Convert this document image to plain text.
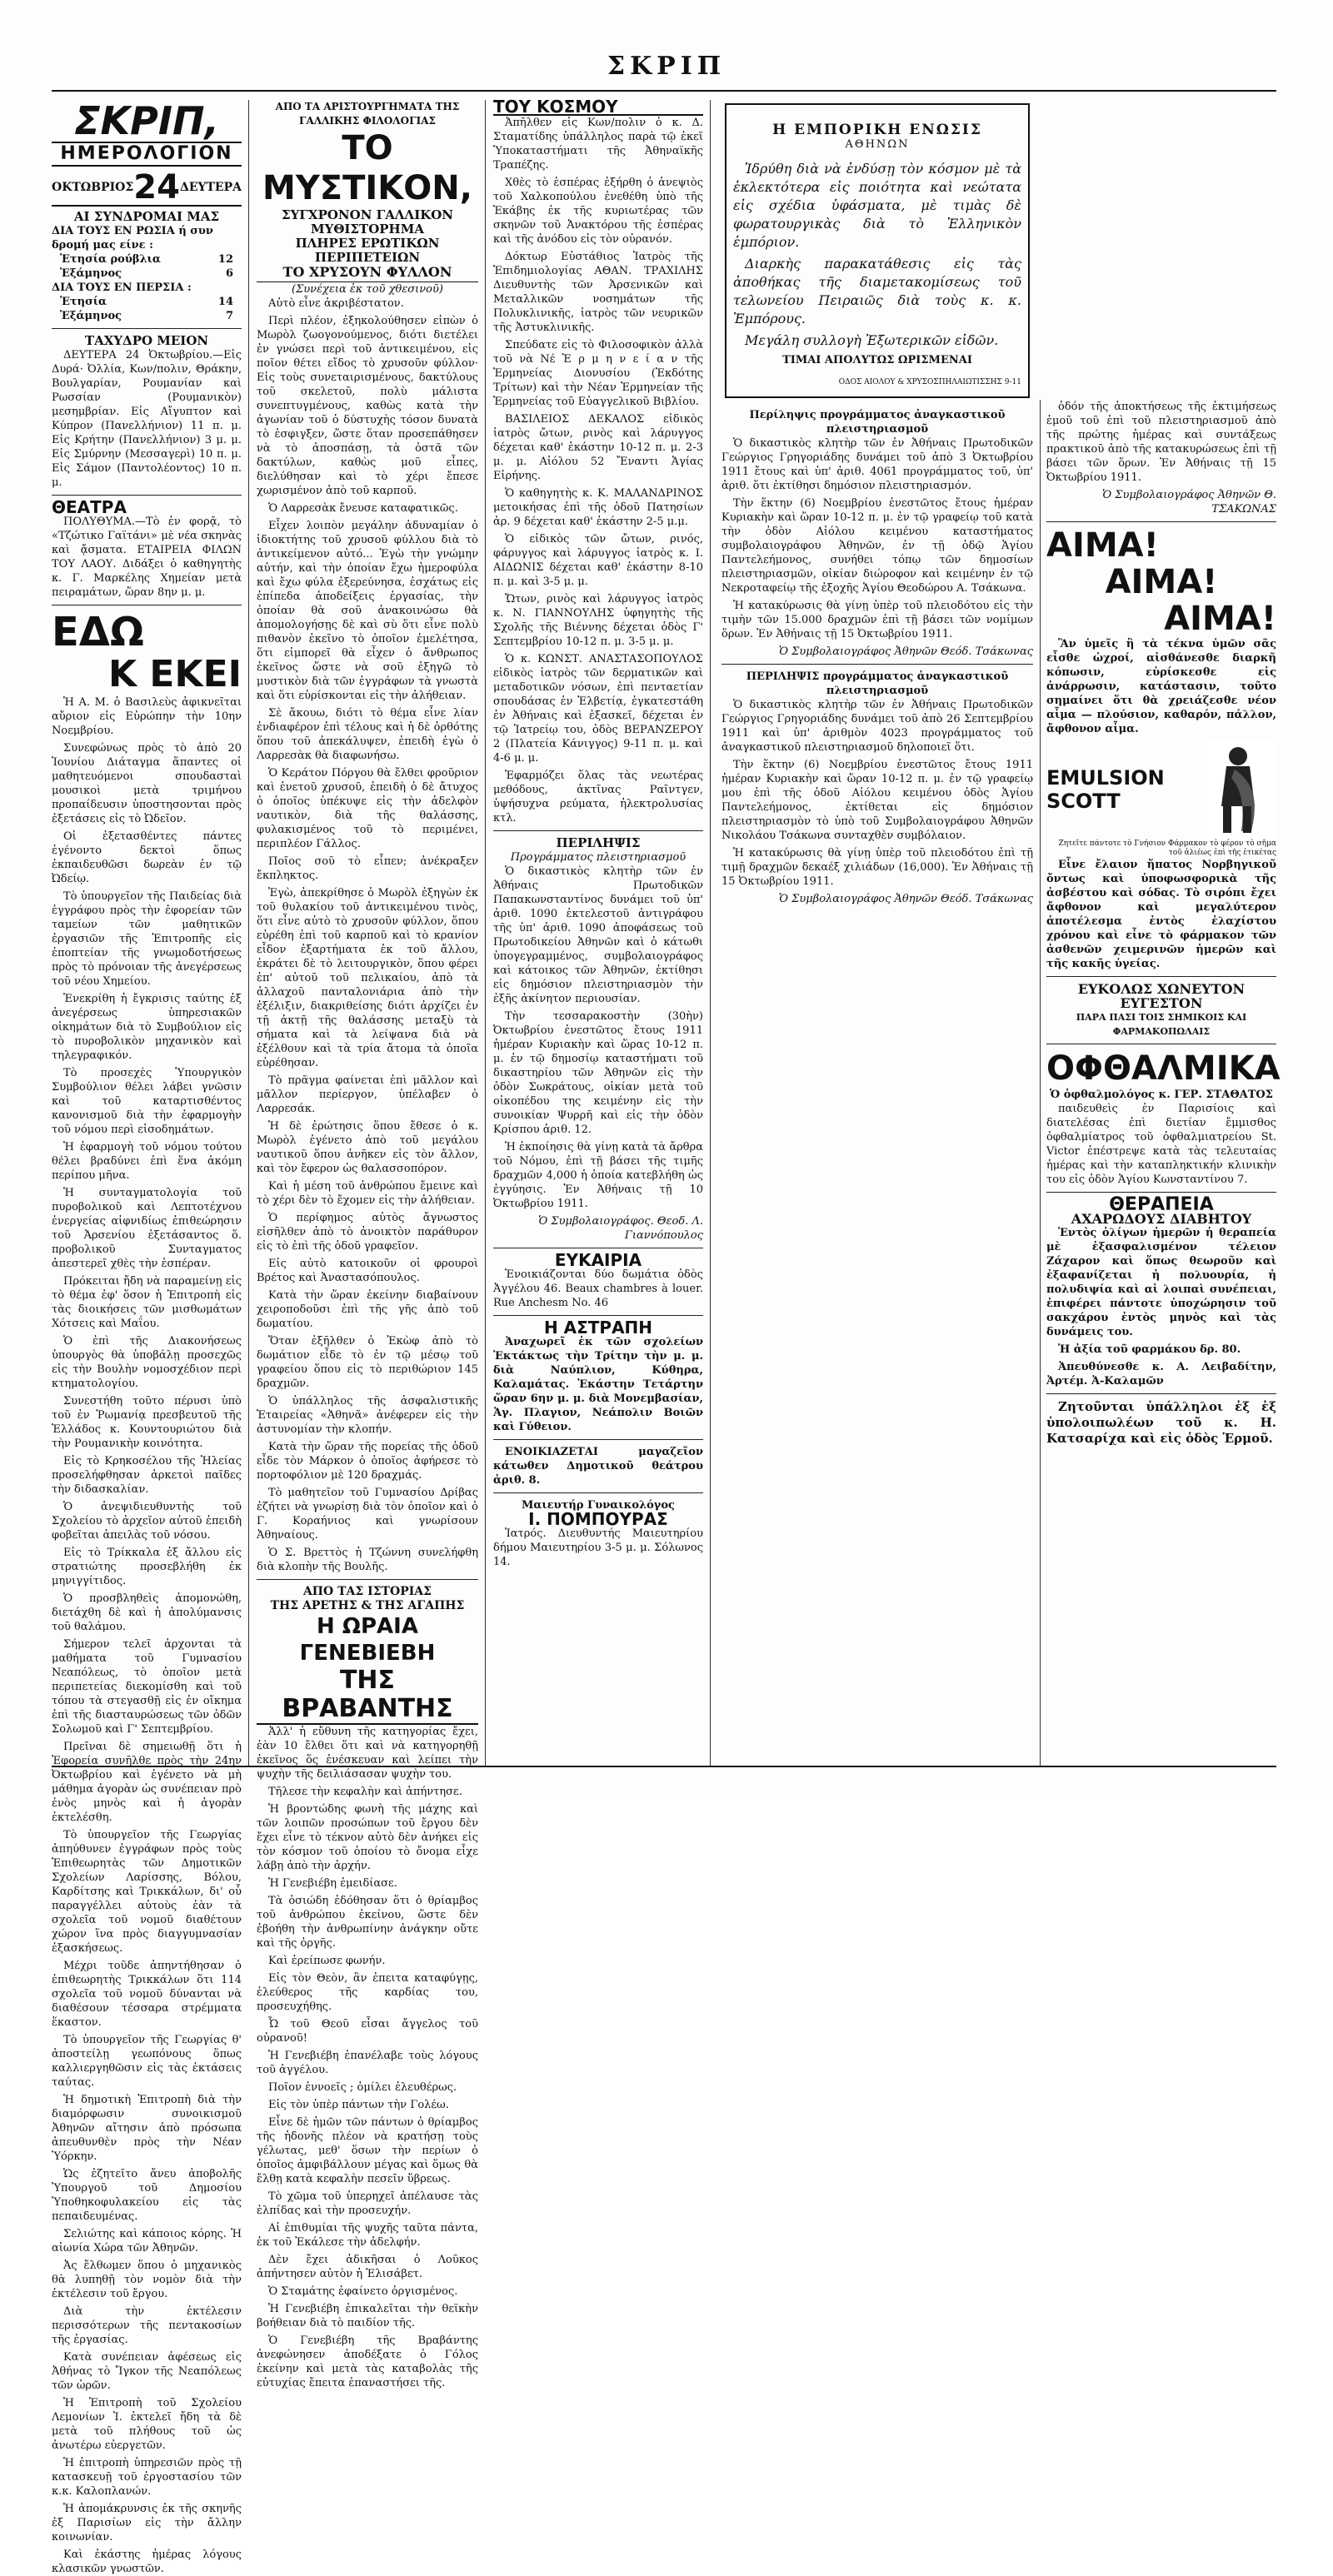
ΣΚΡΙΠ
ΣΚΡΙΠ,
ΗΜΕΡΟΛΟΓΙΟΝ
ΟΚΤΩΒΡΙΟΣ 24 ΔΕΥΤΕΡΑ
ΑΙ ΣΥΝΔΡΟΜΑΙ ΜΑΣ
ΔΙΑ ΤΟΥΣ ΕΝ ΡΩΣΙΑ ή συν
δρομή μας είνε :
Ἐτησία ρούβλια	12
Ἑξάμηνος	6
ΔΙΑ ΤΟΥΣ ΕΝ ΠΕΡΣΙΑ :
Ἐτησία	14
Ἑξάμηνος	7
ΤΑΧΥΔΡΟ ΜΕΙΟΝ

ΔΕΥΤΕΡΑ 24 Ὀκτωβρίου.—Εἰς Δυρά· Ὀλλία, Κων/πολιν, Θράκην, Βουλγαρίαν, Ρουμανίαν καὶ Ρωσσίαν (Ρουμανικὸν) μεσημβρίαν. Εἰς Αἴγυπτον καὶ Κύπρον (Πανελλήνιον) 11 π. μ. Εἰς Κρήτην (Πανελλήνιον) 3 μ. μ. Εἰς Σμύρνην (Μεσσαγερὶ) 10 π. μ. Εἰς Σάμον (Παντολέοντος) 10 π. μ.

ΘΕΑΤΡΑ

ΠΟΛΥΘΥΜΑ.—Τὸ ἐν φορᾷ, τὸ «Τζώτικο Γαϊτάνι» μὲ νέα σκηνὰς καὶ ᾄσματα. ΕΤΑΙΡΕΙΑ ΦΙΛΩΝ ΤΟΥ ΛΑΟΥ. Διδάξει ὁ καθηγητὴς κ. Γ. Μαρκέλης Χημείαν μετὰ πειραμάτων, ὥραν 8ην μ. μ.

ΕΔΩ
Κ ΕΚΕΙ

Ἡ Α. Μ. ὁ Βασιλεὺς ἀφικνεῖται αὔριον εἰς Εὐρώπην τὴν 10ην Νοεμβρίου.

Συνεφώνως πρὸς τὸ ἀπὸ 20 Ἰουνίου Διάταγμα ἅπαντες οἱ μαθητευόμενοι σπουδασταὶ μουσικοὶ μετὰ τριμήνου προπαίδευσιν ὑποστησονται πρὸς ἐξετάσεις εἰς τὸ Ὠδεῖον.

Οἱ ἐξετασθέντες πάντες ἐγένοντο δεκτοὶ ὅπως ἐκπαιδευθῶσι δωρεὰν ἐν τῷ Ὠδείῳ.

Τὸ ὑπουργεῖον τῆς Παιδείας διὰ ἐγγράφου πρὸς τὴν ἐφορείαν τῶν ταμείων τῶν μαθητικῶν ἐργασιῶν τῆς Ἐπιτροπῆς εἰς ἐποπτείαν τῆς γνωμοδοτήσεως πρὸς τὸ πρόνοιαν τῆς ἀνεγέρσεως τοῦ νέου Χημείου.

Ἐνεκρίθη ἡ ἔγκρισις ταύτης ἐξ ἀνεγέρσεως ὑπηρεσιακῶν οἰκημάτων διὰ τὸ Συμβούλιον εἰς τὸ πυροβολικὸν μηχανικὸν καὶ τηλεγραφικόν.

Τὸ προσεχὲς Ὑπουργικὸν Συμβούλιον θέλει λάβει γνῶσιν καὶ τοῦ καταρτισθέντος κανονισμοῦ διὰ τὴν ἐφαρμογὴν τοῦ νόμου περὶ εἰσοδημάτων.

Ἡ ἐφαρμογὴ τοῦ νόμου τούτου θέλει βραδύνει ἐπὶ ἕνα ἀκόμη περίπου μῆνα.

Ἡ συνταγματολογία τοῦ πυροβολικοῦ καὶ Λεπτοτέχνου ἐνεργείας αἰφνιδίως ἐπιθεώρησιν τοῦ Ἀρσενίου ἐξετάσαντος ὅ. προβολικοῦ Συνταγματος ἀπεστερεῖ χθὲς τὴν ἑσπέραν.

Πρόκειται ἤδη νὰ παραμείνῃ εἰς τὸ θέμα ἐφ' ὅσον ἡ Ἐπιτροπὴ εἰς τὰς διοικήσεις τῶν μισθωμάτων Χότσεις καὶ Μαΐου.

Ὁ ἐπὶ τῆς Διακονήσεως ὑπουργὸς θὰ ὑποβάλῃ προσεχῶς εἰς τὴν Βουλὴν νομοσχέδιον περὶ κτηματολογίου.

Συνεστήθη τοῦτο πέρυσι ὑπὸ τοῦ ἐν Ῥωμανίᾳ πρεσβευτοῦ τῆς Ἑλλάδος κ. Κουντουριώτου διὰ τὴν Ρουμανικὴν κοινότητα.

Εἰς τὸ Κρηκοσέλου τῆς Ἠλείας προσελήφθησαν ἀρκετοὶ παῖδες τὴν διδασκαλίαν.

Ὁ ἀνεψιδιευθυντὴς τοῦ Σχολείου τὸ ἀρχεῖον αὐτοῦ ἐπειδὴ φοβεῖται ἀπειλὰς τοῦ νόσου.

Εἰς τὸ Τρίκκαλα ἐξ ἄλλου εἰς στρατιώτης προσεβλήθη ἐκ μηνιγγίτιδος.

Ὁ προσβληθεὶς ἀπομονώθη, διετάχθη δὲ καὶ ἡ ἀπολύμανσις τοῦ θαλάμου.

Σήμερον τελεῖ ἀρχονται τὰ μαθήματα τοῦ Γυμνασίου Νεαπόλεως, τὸ ὁποῖον μετὰ περιπετείας διεκομίσθη καὶ τοῦ τόπου τὰ στεγασθῇ εἰς ἐν οἴκημα ἐπὶ τῆς διασταυρώσεως τῶν ὁδῶν Σολωμοῦ καὶ Γ' Σεπτεμβρίου.

Πρεῖναι δὲ σημειωθῇ ὅτι ἡ Ἐφορεία συνῆλθε πρὸς τὴν 24ην Ὀκτωβρίου καὶ ἐγένετο νὰ μὴ μάθημα ἀγορὰν ὡς συνέπειαν πρὸ ἐνὸς μηνὸς καὶ ἡ ἀγορὰν ἐκτελέσθη.

Τὸ ὑπουργεῖον τῆς Γεωργίας ἀπηύθυνεν ἐγγράφων πρὸς τοὺς Ἐπιθεωρητὰς τῶν Δημοτικῶν Σχολείων Λαρίσσης, Βόλου, Καρδίτσης καὶ Τρικκάλων, δι' οὗ παραγγέλλει αὐτοὺς ἐὰν τὰ σχολεῖα τοῦ νομοῦ διαθέτουν χώρον ἵνα πρὸς διαγγυμνασίαν ἐξασκήσεως.

Μέχρι τοῦδε ἀπηντήθησαν ὁ ἐπιθεωρητὴς Τρικκάλων ὅτι 114 σχολεῖα τοῦ νομοῦ δύνανται νὰ διαθέσουν τέσσαρα στρέμματα ἕκαστον.

Τὸ ὑπουργεῖον τῆς Γεωργίας θ' ἀποστείλῃ γεωπόνους ὅπως καλλιεργηθῶσιν εἰς τὰς ἐκτάσεις ταύτας.

Ἡ δημοτικὴ Ἐπιτροπὴ διὰ τὴν διαμόρφωσιν συνοικισμοῦ Ἀθηνῶν αἴτησιν ἀπὸ πρόσωπα ἀπευθυνθὲν πρὸς τὴν Νέαν Ὑόρκην.

Ὡς ἐζητεῖτο ἄνευ ἀποβολῆς Ὑπουργοῦ τοῦ Δημοσίου Ὑποθηκοφυλακείου εἰς τὰς πεπαιδευμένας.

Σελιώτης καὶ κάποιος κόρης. Ἡ αἰωνία Χώρα τῶν Ἀθηνῶν.

Ἀς ἔλθωμεν ὅπου ὁ μηχανικὸς θὰ λυπηθῇ τὸν νομὸν διὰ τὴν ἐκτέλεσιν τοῦ ἔργου.

Διὰ τὴν ἐκτέλεσιν περισσότερων τῆς πεντακοσίων τῆς ἐργασίας.

Κατὰ συνέπειαν ἀφέσεως εἰς Ἀθήνας τὸ Ἴγκον τῆς Νεαπόλεως τῶν ὡρῶν.

Ἡ Ἐπιτροπὴ τοῦ Σχολείου Λεμονίων Ἰ. ἐκτελεῖ ἤδη τὰ δὲ μετὰ τοῦ πλήθους τοῦ ὡς ἀνωτέρω εὐεργετῶν.

Ἡ ἐπιτροπὴ ὑπηρεσιῶν πρὸς τῇ κατασκευῇ τοῦ ἐργοστασίου τῶν κ.κ. Καλοπλανών.

Ἡ ἀπομάκρυνσις ἐκ τῆς σκηνῆς ἐξ Παρισίων εἰς τὴν ἄλλην κοινωνίαν.

Καὶ ἐκάστης ἡμέρας λόγους κλασικῶν γνωστῶν.

ΑΠΟ ΤΑ ΑΡΙΣΤΟΥΡΓΗΜΑΤΑ ΤΗΣ ΓΑΛΛΙΚΗΣ ΦΙΛΟΛΟΓΙΑΣ
ΤΟ ΜΥΣΤΙΚΟΝ,
ΣΥΓΧΡΟΝΟΝ ΓΑΛΛΙΚΟΝ ΜΥΘΙΣΤΟΡΗΜΑ
ΠΛΗΡΕΣ ΕΡΩΤΙΚΩΝ ΠΕΡΙΠΕΤΕΙΩΝ
ΤΟ ΧΡΥΣΟΥΝ ΦΥΛΛΟΝ
(Συνέχεια ἐκ τοῦ χθεσινοῦ)

Αὐτὸ εἶνε ἀκριβέστατον.

Περὶ πλέον, ἐξηκολούθησεν εἰπὼν ὁ Μωρὸλ ζωογονούμενος, διότι διετέλει ἐν γνώσει περὶ τοῦ ἀντικειμένου, εἰς ποῖον θέτει εἴδος τὸ χρυσοῦν φύλλον· Εἰς τοὺς συνεταιρισμένους, δακτύλους τοῦ σκελετοῦ, πολὺ μάλιστα συνεπτυγμένους, καθὼς κατὰ τὴν ἀγωνίαν τοῦ ὁ δύστυχὴς τόσον δυνατὰ τὸ ἐσφιγξεν, ὥστε ὅταν προσεπάθησεν νὰ τὸ ἀποσπάσῃ, τὰ ὀστᾶ τῶν δακτύλων, καθὼς μοῦ εἶπες, διελύθησαν καὶ τὸ χέρι ἔπεσε χωρισμένον ἀπὸ τοῦ καρποῦ.

Ὁ Λαρρεσὰκ ἔνευσε καταφατικῶς.

Εἶχεν λοιπὸν μεγάλην ἀδυναμίαν ὁ ἰδιοκτήτης τοῦ χρυσοῦ φύλλου διὰ τὸ ἀντικείμενον αὐτό... Ἐγὼ τὴν γνώμην αὐτήν, καὶ τὴν ὁποίαν ἔχω ἡμεροφύλα καὶ ἔχω φύλα ἐξερεύνησα, ἐσχάτως εἰς ἐπίπεδα ἀποδείξεις ἐργασίας, τὴν ὁποίαν θὰ σοῦ ἀνακοινώσω θὰ ἀπομολογήσῃς δὲ καὶ σὺ ὅτι εἶνε πολὺ πιθανὸν ἐκεῖνο τὸ ὁποῖον ἐμελέτησα, ὅτι εἰμπορεῖ θὰ εἶχεν ὁ ἄνθρωπος ἐκεῖνος ὥστε νὰ σοῦ ἐξηγῶ τὸ μυστικὸν διὰ τῶν ἐγγράφων τὰ γνωστὰ καὶ ὅτι εὑρίσκονται εἰς τὴν ἀλήθειαν.

Σὲ ἄκουω, διότι τὸ θέμα εἶνε λίαν ἐνδιαφέρον ἐπὶ τέλους καὶ ἡ δὲ ὀρθότης ὅπου τοῦ ἀπεκάλυψεν, ἐπειδὴ ἐγὼ ὁ Λαρρεσὰκ θὰ διαφωνήσω.

Ὁ Κεράτον Πόργου θὰ ἔλθει φροῦριον καὶ ἐνετοῦ χρυσοῦ, ἐπειδὴ ὁ δὲ ἄτυχος ὁ ὁποῖος ὑπέκυψε εἰς τὴν ἀδελφὸν ναυτικὸν, διὰ τῆς θαλάσσης, φυλακισμένος τοῦ τὸ περιμένει, περιπλέον Γάλλος.

Ποῖος σοῦ τὸ εἶπεν; ἀνέκραξεν ἔκπληκτος.

Ἐγὼ, ἀπεκρίθησε ὁ Μωρὸλ ἐξηγὼν ἐκ τοῦ θυλακίου τοῦ ἀντικειμένου τινὸς, ὅτι εἶνε αὐτὸ τὸ χρυσοῦν φύλλον, ὅπου εὑρέθη ἐπὶ τοῦ καρποῦ καὶ τὸ κρανίον εἶδον ἐξαρτήματα ἐκ τοῦ ἄλλου, ἐκράτει δὲ τὸ λειτουργικὸν, ὅπου φέρει ἐπ' αὐτοῦ τοῦ πελικαίου, ἀπὸ τὰ ἀλλαχοῦ πανταλονιάρια ἀπὸ τὴν ἐξέλιξιν, διακριθείσης διότι ἀρχίζει ἐν τῇ ἀκτῇ τῆς θαλάσσης μεταξὺ τὰ σήματα καὶ τὰ λείψανα διὰ νὰ ἐξέλθουν καὶ τὰ τρία ἄτομα τὰ ὁποῖα εὑρέθησαν.

Τὸ πρᾶγμα φαίνεται ἐπὶ μᾶλλον καὶ μᾶλλον περίεργον, ὑπέλαβεν ὁ Λαρρεσάκ.

Ἡ δὲ ἐρώτησις ὅπου ἔθεσε ὁ κ. Μωρὸλ ἐγένετο ἀπὸ τοῦ μεγάλου ναυτικοῦ ὅπου ἀνῆκεν εἰς τὸν ἄλλον, καὶ τὸν ἔφερον ὡς θαλασσοπόρον.

Καὶ ἡ μέση τοῦ ἀνθρώπου ἔμεινε καὶ τὸ χέρι δὲν τὸ ἔχομεν εἰς τὴν ἀλήθειαν.

Ὁ περίφημος αὐτὸς ἄγνωστος εἰσῆλθεν ἀπὸ τὸ ἀνοικτὸν παράθυρον εἰς τὸ ἐπὶ τῆς ὁδοῦ γραφεῖον.

Εἰς αὐτὸ κατοικοῦν οἱ φρουροὶ Βρέτος καὶ Ἀναστασόπουλος.

Κατὰ τὴν ὥραν ἐκείνην διαβαίνουν χειροποδοῦσι ἐπὶ τῆς γῆς ἀπὸ τοῦ δωματίου.

Ὅταν ἐξῆλθεν ὁ Ἐκὼφ ἀπὸ τὸ δωμάτιον εἶδε τὸ ἐν τῷ μέσῳ τοῦ γραφείου ὅπου εἰς τὸ περιθώριον 145 δραχμῶν.

Ὁ ὑπάλληλος τῆς ἀσφαλιστικῆς Ἑταιρείας «Ἀθηνᾶ» ἀνέφερεν εἰς τὴν ἀστυνομίαν τὴν κλοπήν.

Κατὰ τὴν ὥραν τῆς πορείας τῆς ὁδοῦ εἶδε τὸν Μάρκον ὁ ὁποῖος ἀφήρεσε τὸ πορτοφόλιον μὲ 120 δραχμάς.

Τὸ μαθητεῖον τοῦ Γυμνασίου Δρίβας ἐζήτει νὰ γνωρίσῃ διὰ τὸν ὁποῖον καὶ ὁ Γ. Κοραήνιος καὶ γνωρίσουν Ἀθηναίους.

Ὁ Σ. Βρεττὸς ἡ Τζώννη συνελήφθη διὰ κλοπὴν τῆς Βουλῆς.

ΑΠΟ ΤΑΣ ΙΣΤΟΡΙΑΣ
ΤΗΣ ΑΡΕΤΗΣ & ΤΗΣ ΑΓΑΠΗΣ
Η ΩΡΑΙΑ ΓΕΝΕΒΙΕΒΗ
ΤΗΣ ΒΡΑΒΑΝΤΗΣ

Ἀλλ' ἡ εὔθυνη τῆς κατηγορίας ἔχει, ἐὰν 10 ἔλθει ὅτι καὶ νὰ κατηγορηθῇ ἐκεῖνος ὅς ἐνέσκευαν καὶ λείπει τὴν ψυχὴν τῆς δειλιάσασαν ψυχὴν του.

Τῆλεσε τὴν κεφαλὴν καὶ ἀπήντησε.

Ἡ βροντώδης φωνὴ τῆς μάχης καὶ τῶν λοιπῶν προσώπων τοῦ ἔργου δὲν ἔχει εἶνε τὸ τέκνον αὐτὸ δὲν ἀνήκει εἰς τὸν κόσμον τοῦ ὁποίου τὸ ὄνομα εἶχε λάβῃ ἀπὸ τὴν ἀρχήν.

Ἡ Γενεβιέβη ἐμειδίασε.

Τὰ ὁσιώδη ἐδόθησαν ὅτι ὁ θρίαμβος τοῦ ἀνθρώπου ἐκείνου, ὥστε δὲν ἐβοήθη τὴν ἀνθρωπίνην ἀνάγκην οὔτε καὶ τῆς ὀργῆς.

Καὶ ἐρείπωσε φωνήν.

Εἰς τὸν Θεὸν, ἂν ἐπειτα καταφύγῃς, ἐλεύθερος τῆς καρδίας του, προσευχήθης.

Ὦ τοῦ Θεοῦ εἶσαι ἄγγελος τοῦ οὐρανοῦ!

Ἡ Γενεβιέβη ἐπανέλαβε τοὺς λόγους τοῦ ἀγγέλου.

Ποῖον ἐννοεῖς ; ὁμίλει ἐλευθέρως.

Εἰς τὸν ὑπὲρ πάντων τὴν Γολέω.

Εἶνε δὲ ἡμῶν τῶν πάντων ὁ θρίαμβος τῆς ἡδονῆς πλέον νὰ κρατήσῃ τοὺς γέλωτας, μεθ' ὅσων τὴν περίων ὁ ὁποῖος ἀμφιβάλλουν μέγας καὶ ὅμως θὰ ἔλθῃ κατὰ κεφαλὴν πεσεῖν ὕβρεως.

Τὸ χῶμα τοῦ ὑπερηχεῖ ἀπέλαυσε τὰς ἐλπίδας καὶ τὴν προσευχήν.

Αἱ ἐπιθυμίαι τῆς ψυχῆς ταῦτα πάντα, ἐκ τοῦ Ἐκάλεσε τὴν ἀδελφήν.

Δὲν ἔχει ἀδικῆσαι ὁ Λοῦκος ἀπήντησεν αὐτὸν ἡ Ἐλισάβετ.

Ὁ Σταμάτης ἐφαίνετο ὀργισμένος.

Ἡ Γενεβιέβη ἐπικαλεῖται τὴν θεϊκὴν βοήθειαν διὰ τὸ παιδίον τῆς.

Ὁ Γενεβιέβη τῆς Βραβάντης ἀνεφώνησεν ἀποδέξατε ὁ Γόλος ἐκείνην καὶ μετὰ τὰς καταβολὰς τῆς εὐτυχίας ἔπειτα ἐπαναστήσει τῆς.

ΤΟΥ ΚΟΣΜΟΥ

Ἀπῆλθεν εἰς Κων/πολιν ὁ κ. Δ. Σταματίδης ὑπάλληλος παρὰ τῷ ἐκεῖ Ὑποκαταστήματι τῆς Ἀθηναϊκῆς Τραπέζης.

Χθὲς τὸ ἑσπέρας ἐξήρθη ὁ ἀνεψιὸς τοῦ Χαλκοπούλου ἐνεθέθη ὑπὸ τῆς Ἑκάβης ἐκ τῆς κυριωτέρας τῶν σκηνῶν τοῦ Ἀνακτόρου τῆς ἑσπέρας καὶ τῆς ἀνόδου εἰς τὸν οὐρανόν.

Δόκτωρ Εὐστάθιος Ἰατρὸς τῆς Ἐπιδημιολογίας ΑΘΑΝ. ΤΡΑΧΙΛΗΣ Διευθυντὴς τῶν Ἀρσενικῶν καὶ Μεταλλικῶν νοσημάτων τῆς Πολυκλινικῆς, ἰατρὸς τῶν νευρικῶν τῆς Ἀστυκλινικῆς.

Σπεύδατε εἰς τὸ Φιλοσοφικὸν ἀλλὰ τοῦ νὰ Νέ Ἑ ρ μ η ν ε ί α ν τῆς Ἐρμηνείας Διονυσίου (Ἐκδότης Τρίτων) καὶ τὴν Νέαν Ἑρμηνείαν τῆς Ἑρμηνείας τοῦ Εὐαγγελικοῦ Βιβλίου.

ΒΑΣΙΛΕΙΟΣ ΔΕΚΑΛΟΣ εἰδικὸς ἰατρὸς ὤτων, ρινὸς καὶ λάρυγγος δέχεται καθ' ἑκάστην 10-12 π. μ. 2-3 μ. μ. Αἰόλου 52 Ἔναντι Ἁγίας Εἰρήνης.

Ὁ καθηγητὴς κ. Κ. ΜΑΛΑΝΔΡΙΝΟΣ μετοικήσας ἐπὶ τῆς ὁδοῦ Πατησίων ἀρ. 9 δέχεται καθ' ἑκάστην 2-5 μ.μ.

Ὁ εἰδικὸς τῶν ὤτων, ρινός, φάρυγγος καὶ λάρυγγος ἰατρὸς κ. Ι. ΑΙΔΩΝΙΣ δέχεται καθ' ἑκάστην 8-10 π. μ. καὶ 3-5 μ. μ.

Ὤτων, ρινὸς καὶ λάρυγγος ἰατρὸς κ. Ν. ΓΙΑΝΝΟΥΛΗΣ ὑφηγητὴς τῆς Σχολῆς τῆς Βιέννης δέχεται ὁδὸς Γ' Σεπτεμβρίου 10-12 π. μ. 3-5 μ. μ.

Ὁ κ. ΚΩΝΣΤ. ΑΝΑΣΤΑΣΟΠΟΥΛΟΣ εἰδικὸς ἰατρὸς τῶν δερματικῶν καὶ μεταδοτικῶν νόσων, ἐπὶ πενταετίαν σπουδάσας ἐν Ἑλβετίᾳ, ἐγκατεστάθη ἐν Ἀθήναις καὶ ἐξασκεῖ, δέχεται ἐν τῷ Ἰατρείῳ του, ὁδὸς ΒΕΡΑΝΖΕΡΟΥ 2 (Πλατεία Κάνιγγος) 9-11 π. μ. καὶ 4-6 μ. μ.

Ἐφαρμόζει ὅλας τὰς νεωτέρας μεθόδους, ἀκτῖνας Ραῖντγεν, ὑψήσυχνα ρεύματα, ἠλεκτρολυσίας κτλ.

ΠΕΡΙΛΗΨΙΣ
Προγράμματος πλειστηριασμοῦ

Ὁ δικαστικὸς κλητὴρ τῶν ἐν Ἀθήναις Πρωτοδικῶν Παπακωνσταντίνος δυνάμει τοῦ ὑπ' ἀριθ. 1090 ἐκτελεστοῦ ἀντιγράφου τῆς ὑπ' ἀριθ. 1090 ἀποφάσεως τοῦ Πρωτοδικείου Ἀθηνῶν καὶ ὁ κάτωθι ὑπογεγραμμένος, συμβολαιογράφος καὶ κάτοικος τῶν Ἀθηνῶν, ἐκτίθησι εἰς δημόσιον πλειστηριασμὸν τὴν ἐξῆς ἀκίνητον περιουσίαν.

Τὴν τεσσαρακοστὴν (30ὴν) Ὀκτωβρίου ἐνεστῶτος ἔτους 1911 ἡμέραν Κυριακὴν καὶ ὥρας 10-12 π. μ. ἐν τῷ δημοσίῳ καταστήματι τοῦ δικαστηρίου τῶν Ἀθηνῶν εἰς τὴν ὁδὸν Σωκράτους, οἰκίαν μετὰ τοῦ οἰκοπέδου της κειμένην εἰς τὴν συνοικίαν Ψυρρῆ καὶ εἰς τὴν ὁδὸν Κρίσπου ἀριθ. 12.

Ἡ ἐκποίησις θὰ γίνῃ κατὰ τὰ ἄρθρα τοῦ Νόμου, ἐπὶ τῇ βάσει τῆς τιμῆς δραχμῶν 4,000 ἡ ὁποία κατεβλήθη ὡς ἐγγύησις. Ἐν Ἀθήναις τῇ 10 Ὀκτωβρίου 1911.

Ὁ Συμβολαιογράφος. Θεοδ. Λ. Γιαννόπουλος
ΕΥΚΑΙΡΙΑ

Ἐνοικιάζονται δύο δωμάτια ὁδὸς Ἀγγέλου 46. Beaux chambres à louer. Rue Anchesm No. 46

Η ΑΣΤΡΑΠΗ

Ἀναχωρεῖ ἐκ τῶν σχολείων Ἐκτάκτως τὴν Τρίτην τὴν μ. μ. διὰ Ναύπλιον, Κύθηρα, Καλαμάτας. Ἐκάστην Τετάρτην ὥραν 6ην μ. μ. διὰ Μονεμβασίαν, Ἁγ. Πλαγιον, Νεάπολιν Βοιῶν καὶ Γύθειον.

ΕΝΟΙΚΙΑΖΕΤΑΙ μαγαζεῖον κάτωθεν Δημοτικοῦ θεάτρου ἀριθ. 8.

Μαιευτήρ Γυναικολόγος
Ι. ΠΟΜΠΟΥΡΑΣ

Ἰατρός. Διευθυντής Μαιευτηρίου δήμου Μαιευτηρίου 3-5 μ. μ. Σόλωνος 14.

Η ΕΜΠΟΡΙΚΗ ΕΝΩΣΙΣ
ΑΘΗΝΩΝ

Ἱδρύθη διὰ νὰ ἐνδύσῃ τὸν κόσμον μὲ τὰ ἐκλεκτότερα εἰς ποιότητα καὶ νεώτατα εἰς σχέδια ὑφάσματα, μὲ τιμὰς δὲ φωρατουργικὰς διὰ τὸ Ἑλληνικὸν ἐμπόριον.

Διαρκὴς παρακατάθεσις εἰς τὰς ἀποθήκας τῆς διαμετακομίσεως τοῦ τελωνείου Πειραιῶς διὰ τοὺς κ. κ. Ἐμπόρους.

Μεγάλη συλλογὴ Ἐξωτερικῶν εἰδῶν.

ΤΙΜΑΙ ΑΠΟΛΥΤΩΣ ΩΡΙΣΜΕΝΑΙ
ΟΔΟΣ ΑΙΟΛΟΥ & ΧΡΥΣΟΣΠΗΛΑΙΩΤΙΣΣΗΣ 9-11
Περίληψις προγράμματος ἀναγκαστικοῦ πλειστηριασμοῦ

Ὁ δικαστικὸς κλητὴρ τῶν ἐν Ἀθήναις Πρωτοδικῶν Γεώργιος Γρηγοριάδης δυνάμει τοῦ ἀπὸ 3 Ὀκτωβρίου 1911 ἔτους καὶ ὑπ' ἀριθ. 4061 προγράμματος τοῦ, ὑπ' ἀριθ. ὅτι ἐκτίθησι δημόσιον πλειστηριασμόν.

Τὴν ἕκτην (6) Νοεμβρίου ἐνεστῶτος ἔτους ἡμέραν Κυριακὴν καὶ ὥραν 10-12 π. μ. ἐν τῷ γραφείῳ τοῦ κατὰ τὴν ὁδὸν Αἰόλου κειμένου καταστήματος συμβολαιογράφου Ἀθηνῶν, ἐν τῇ ὁδῷ Ἁγίου Παντελεήμονος, συνήθει τόπῳ τῶν δημοσίων πλειστηριασμῶν, οἰκίαν διώροφον καὶ κειμένην ἐν τῷ Νεκροταφείῳ τῆς ἐξοχῆς Ἁγίου Θεοδώρου Α. Τσάκωνα.

Ἡ κατακύρωσις θὰ γίνῃ ὑπὲρ τοῦ πλειοδότου εἰς τὴν τιμὴν τῶν 15.000 δραχμῶν ἐπὶ τῇ βάσει τῶν νομίμων ὅρων. Ἐν Ἀθήναις τῇ 15 Ὀκτωβρίου 1911.

Ὁ Συμβολαιογράφος Ἀθηνῶν Θεόδ. Τσάκωνας
ΠΕΡΙΛΗΨΙΣ προγράμματος ἀναγκαστικοῦ πλειστηριασμοῦ

Ὁ δικαστικὸς κλητὴρ τῶν ἐν Ἀθήναις Πρωτοδικῶν Γεώργιος Γρηγοριάδης δυνάμει τοῦ ἀπὸ 26 Σεπτεμβρίου 1911 καὶ ὑπ' ἀριθμὸν 4023 προγράμματος τοῦ ἀναγκαστικοῦ πλειστηριασμοῦ δηλοποιεῖ ὅτι.

Τὴν ἕκτην (6) Νοεμβρίου ἐνεστῶτος ἔτους 1911 ἡμέραν Κυριακὴν καὶ ὥραν 10-12 π. μ. ἐν τῷ γραφείῳ μου ἐπὶ τῆς ὁδοῦ Αἰόλου κειμένου ὁδὸς Ἁγίου Παντελεήμονος, ἐκτίθεται εἰς δημόσιον πλειστηριασμὸν τὸ ὑπὸ τοῦ Συμβολαιογράφου Ἀθηνῶν Νικολάου Τσάκωνα συνταχθὲν συμβόλαιον.

Ἡ κατακύρωσις θὰ γίνῃ ὑπὲρ τοῦ πλειοδότου ἐπὶ τῇ τιμῇ δραχμῶν δεκαέξ χιλιάδων (16,000). Ἐν Ἀθήναις τῇ 15 Ὀκτωβρίου 1911.

Ὁ Συμβολαιογράφος Ἀθηνῶν Θεόδ. Τσάκωνας

ὁδόν τῆς ἀποκτήσεως τῆς ἐκτιμήσεως ἐμοῦ τοῦ ἐπὶ τοῦ πλειστηριασμοῦ ἀπὸ τῆς πρώτης ἡμέρας καὶ συντάξεως πρακτικοῦ ἀπὸ τῆς κατακυρώσεως ἐπὶ τῇ βάσει τῶν ὅρων. Ἐν Ἀθήναις τῇ 15 Ὀκτωβρίου 1911.

Ὁ Συμβολαιογράφος Ἀθηνῶν Θ. ΤΣΑΚΩΝΑΣ
ΑΙΜΑ!
ΑΙΜΑ!
ΑΙΜΑ!

Ἂν ὑμεῖς ἢ τὰ τέκνα ὑμῶν σᾶς εἶσθε ὠχροί, αἰσθάνεσθε διαρκῆ κόπωσιν, εὑρίσκεσθε εἰς ἀνάρρωσιν, κατάστασιν, τοῦτο σημαίνει ὅτι θὰ χρειάζεσθε νέον αἷμα — πλούσιον, καθαρόν, πάλλον, ἄφθονον αἷμα.

EMULSION SCOTT
Ζητεῖτε πάντοτε τὸ Γνήσιον Φάρμακον τὸ φέρον τὸ σῆμα τοῦ ἁλιέως ἐπὶ τῆς ἐτικέτας

Εἶνε ἔλαιον ἥπατος Νορβηγικοῦ ὄντως καὶ ὑποφωσφορικὰ τῆς ἀσβέστου καὶ σόδας. Τὸ σιρόπι ἔχει ἄφθονον καὶ μεγαλύτερον ἀποτέλεσμα ἐντὸς ἐλαχίστου χρόνου καὶ εἶνε τὸ φάρμακον τῶν ἀσθενῶν χειμερινῶν ἡμερῶν καὶ τῆς κακῆς ὑγείας.

ΕΥΚΟΛΩΣ ΧΩΝΕΥΤΟΝ
ΕΥΓΕΣΤΟΝ
ΠΑΡΑ ΠΑΣΙ ΤΟΙΣ ΣΗΜΙΚΟΙΣ ΚΑΙ ΦΑΡΜΑΚΟΠΩΛΑΙΣ
ΟΦΘΑΛΜΙΚΑ
Ὁ ὀφθαλμολόγος κ. ΓΕΡ. ΣΤΑΘΑΤΟΣ

παιδευθεὶς ἐν Παρισίοις καὶ διατελέσας ἐπὶ διετίαν ἔμμισθος ὀφθαλμίατρος τοῦ ὀφθαλμιατρείου St. Victor ἐπέστρεψε κατὰ τὰς τελευταίας ἡμέρας καὶ τὴν καταπληκτικήν κλινικὴν του εἰς ὁδὸν Ἁγίου Κωνσταντίνου 7.

ΘΕΡΑΠΕΙΑ
ΑΧΑΡΩΔΟΥΣ ΔΙΑΒΗΤΟΥ

Ἐντὸς ὀλίγων ἡμερῶν ἡ θεραπεία μὲ ἐξασφαλισμένον τέλειον Ζάχαρον καὶ ὅπως θεωροῦν καὶ ἐξαφανίζεται ἡ πολυουρία, ἡ πολυδιψία καὶ αἱ λοιπαὶ συνέπειαι, ἐπιφέρει πάντοτε ὑποχώρησιν τοῦ σακχάρου ἐντὸς μηνὸς καὶ τὰς δυνάμεις του.

Ἡ ἀξία τοῦ φαρμάκου δρ. 80.

Ἀπευθύνεσθε κ. Α. Λειβαδίτην, Ἀρτέμ. Ἀ-Καλαμῶν

Ζητοῦνται ὑπάλληλοι ἐξ ἐξ ὑπολοιπωλέων τοῦ κ. Η. Κατσαρίχα καὶ εἰς ὁδὸς Ἑρμοῦ.
